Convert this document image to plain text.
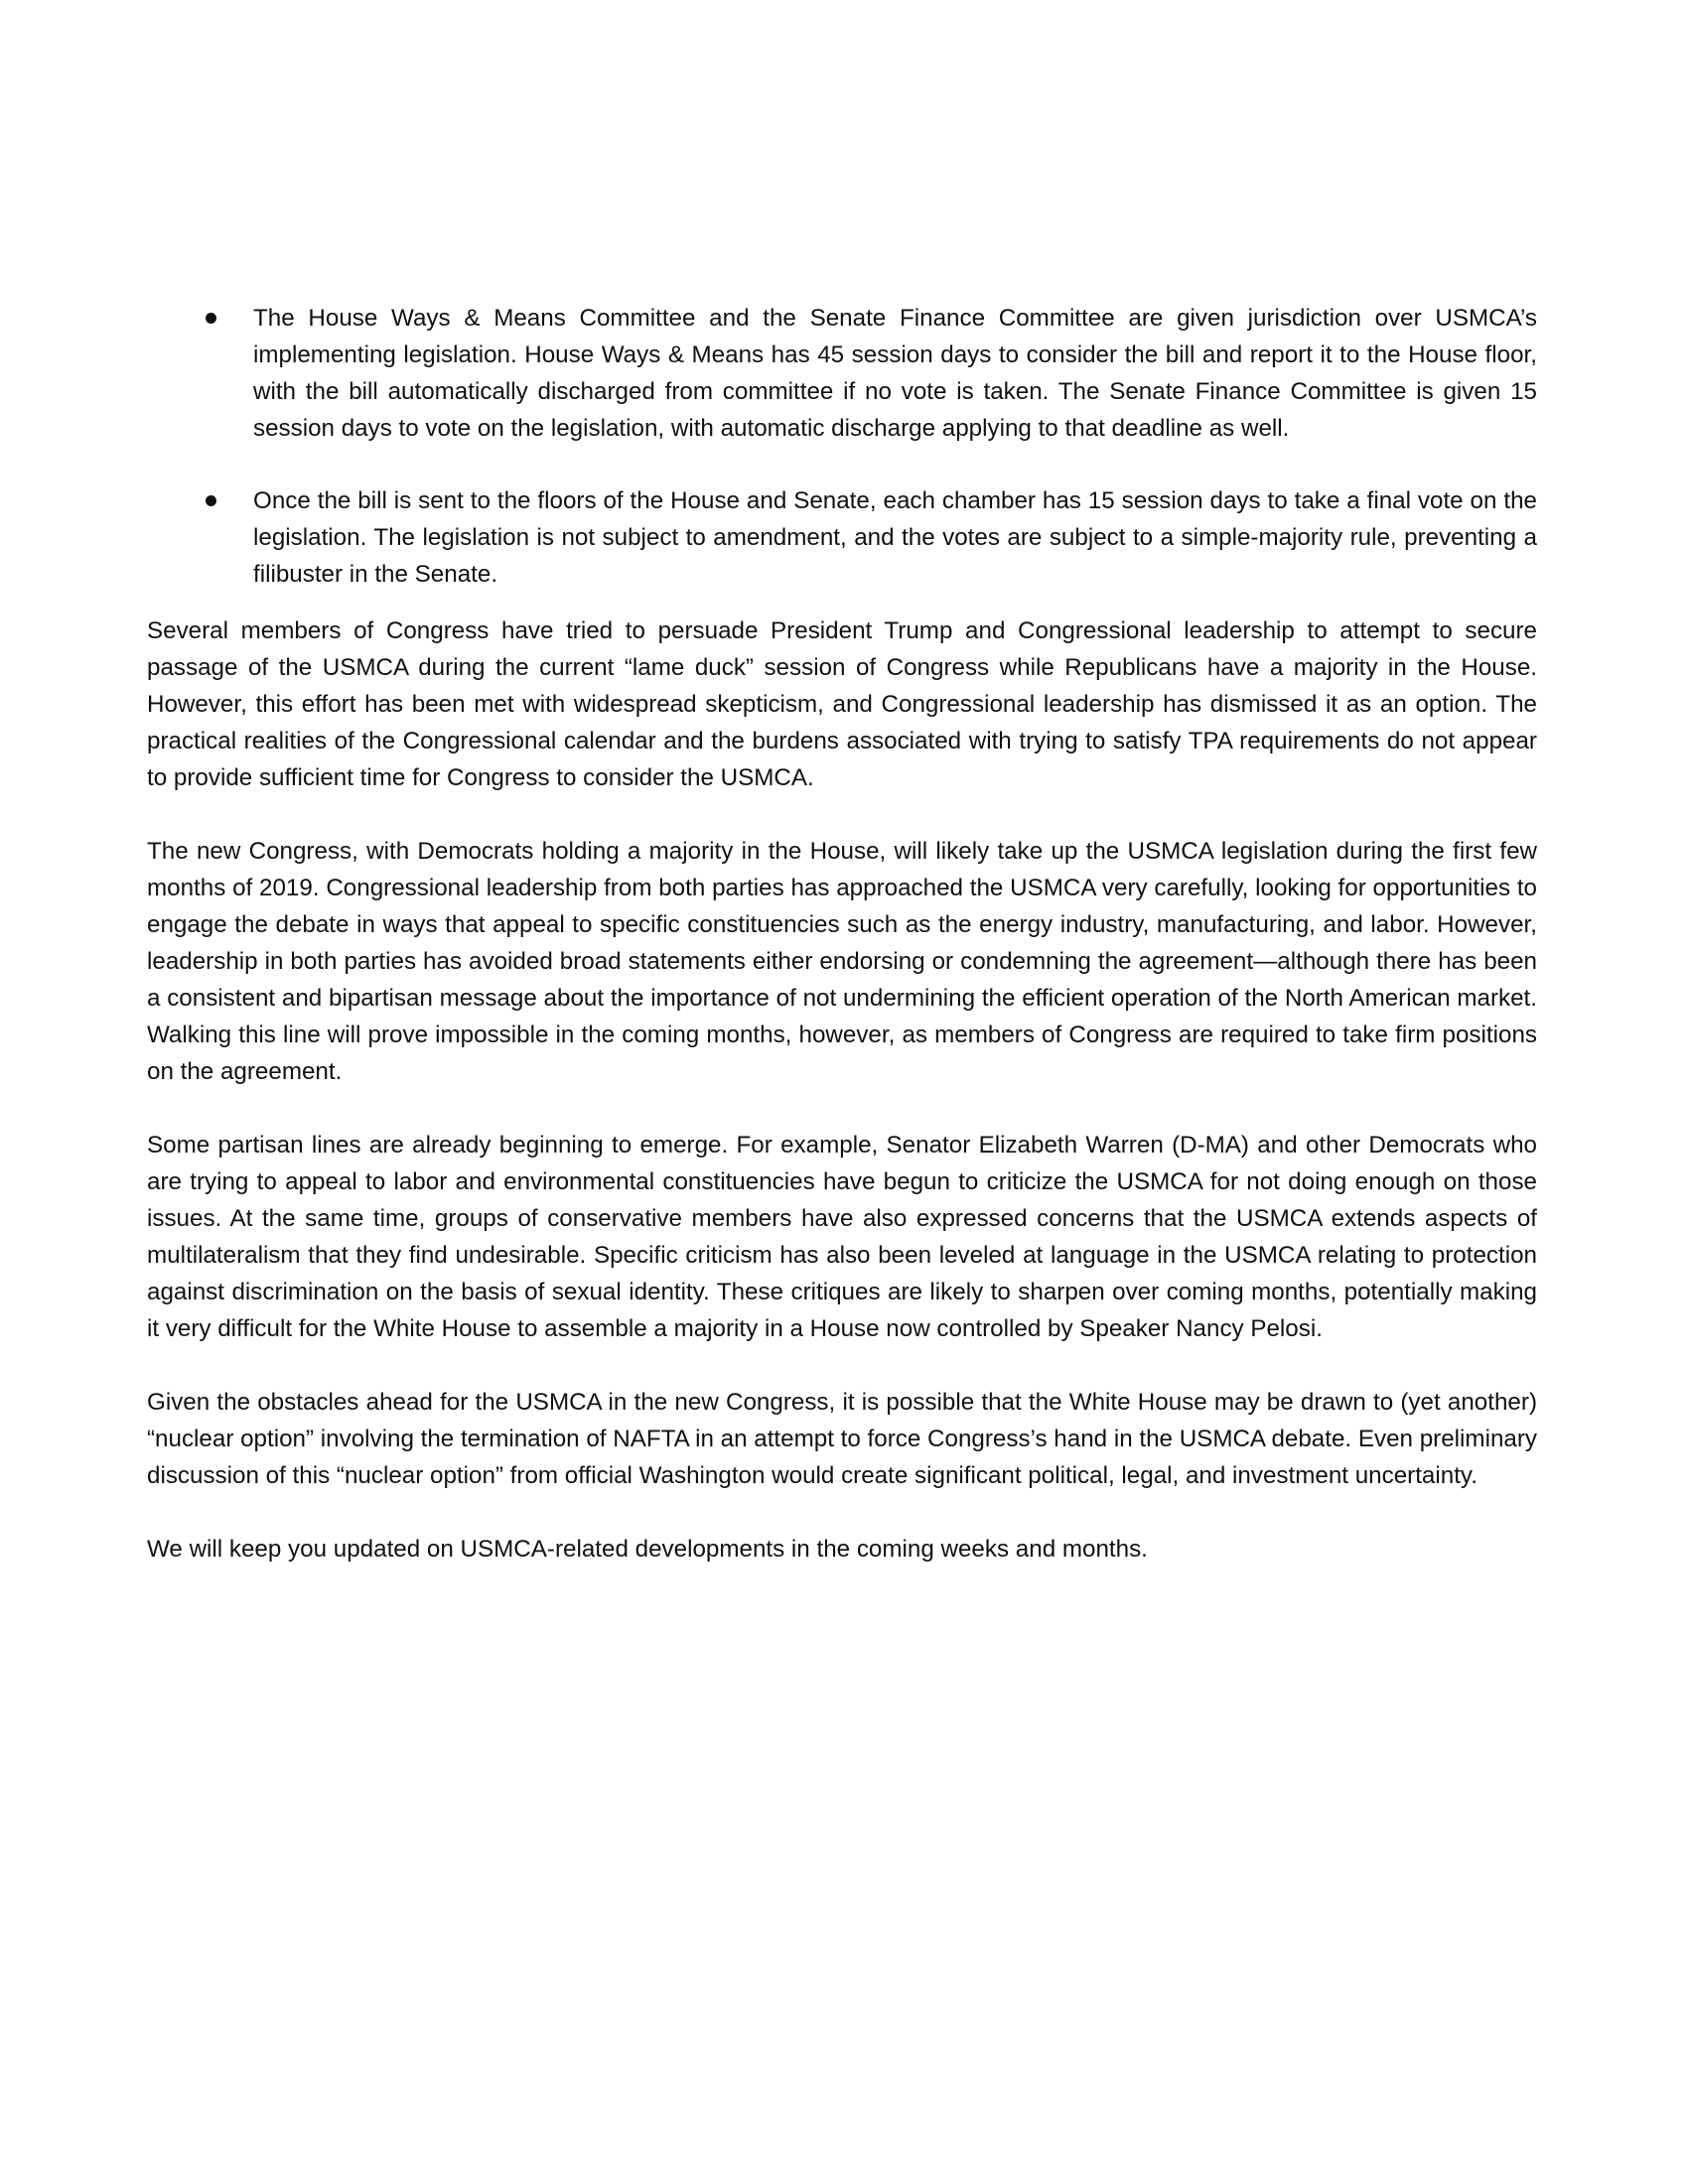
The House Ways & Means Committee and the Senate Finance Committee are given jurisdiction over USMCA’s implementing legislation. House Ways & Means has 45 session days to consider the bill and report it to the House floor, with the bill automatically discharged from committee if no vote is taken. The Senate Finance Committee is given 15 session days to vote on the legislation, with automatic discharge applying to that deadline as well.
Once the bill is sent to the floors of the House and Senate, each chamber has 15 session days to take a final vote on the legislation. The legislation is not subject to amendment, and the votes are subject to a simple-majority rule, preventing a filibuster in the Senate.

Several members of Congress have tried to persuade President Trump and Congressional leadership to attempt to secure passage of the USMCA during the current “lame duck” session of Congress while Republicans have a majority in the House. However, this effort has been met with widespread skepticism, and Congressional leadership has dismissed it as an option. The practical realities of the Congressional calendar and the burdens associated with trying to satisfy TPA requirements do not appear to provide sufficient time for Congress to consider the USMCA.

The new Congress, with Democrats holding a majority in the House, will likely take up the USMCA legislation during the first few months of 2019. Congressional leadership from both parties has approached the USMCA very carefully, looking for opportunities to engage the debate in ways that appeal to specific constituencies such as the energy industry, manufacturing, and labor. However, leadership in both parties has avoided broad statements either endorsing or condemning the agreement—although there has been a consistent and bipartisan message about the importance of not undermining the efficient operation of the North American market. Walking this line will prove impossible in the coming months, however, as members of Congress are required to take firm positions on the agreement.

Some partisan lines are already beginning to emerge. For example, Senator Elizabeth Warren (D-MA) and other Democrats who are trying to appeal to labor and environmental constituencies have begun to criticize the USMCA for not doing enough on those issues. At the same time, groups of conservative members have also expressed concerns that the USMCA extends aspects of multilateralism that they find undesirable. Specific criticism has also been leveled at language in the USMCA relating to protection against discrimination on the basis of sexual identity. These critiques are likely to sharpen over coming months, potentially making it very difficult for the White House to assemble a majority in a House now controlled by Speaker Nancy Pelosi.

Given the obstacles ahead for the USMCA in the new Congress, it is possible that the White House may be drawn to (yet another) “nuclear option” involving the termination of NAFTA in an attempt to force Congress’s hand in the USMCA debate. Even preliminary discussion of this “nuclear option” from official Washington would create significant political, legal, and investment uncertainty.

We will keep you updated on USMCA-related developments in the coming weeks and months.
